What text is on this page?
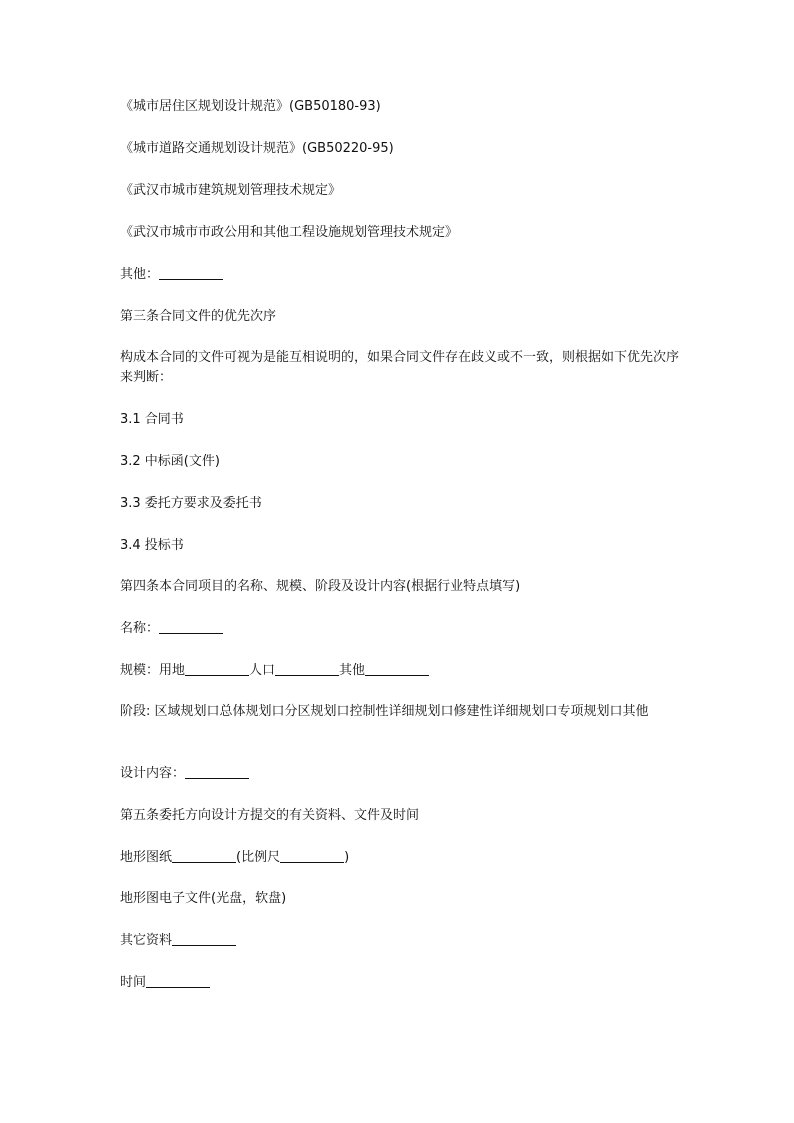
《城市居住区规划设计规范》(GB50180-93)
《城市道路交通规划设计规范》(GB50220-95)
《武汉市城市建筑规划管理技术规定》
《武汉市城市市政公用和其他工程设施规划管理技术规定》
其他：
第三条合同文件的优先次序
构成本合同的文件可视为是能互相说明的，如果合同文件存在歧义或不一致，则根据如下优先次序来判断：
3.1 合同书
3.2 中标函(文件)
3.3 委托方要求及委托书
3.4 投标书
第四条本合同项目的名称、规模、阶段及设计内容(根据行业特点填写)
名称：
规模：用地	人口	其他
阶段: 区域规划口总体规划口分区规划口控制性详细规划口修建性详细规划口专项规划口其他
设计内容：
第五条委托方向设计方提交的有关资料、文件及时间
地形图纸	(比例尺	)
地形图电子文件(光盘，软盘)
其它资料
时间
